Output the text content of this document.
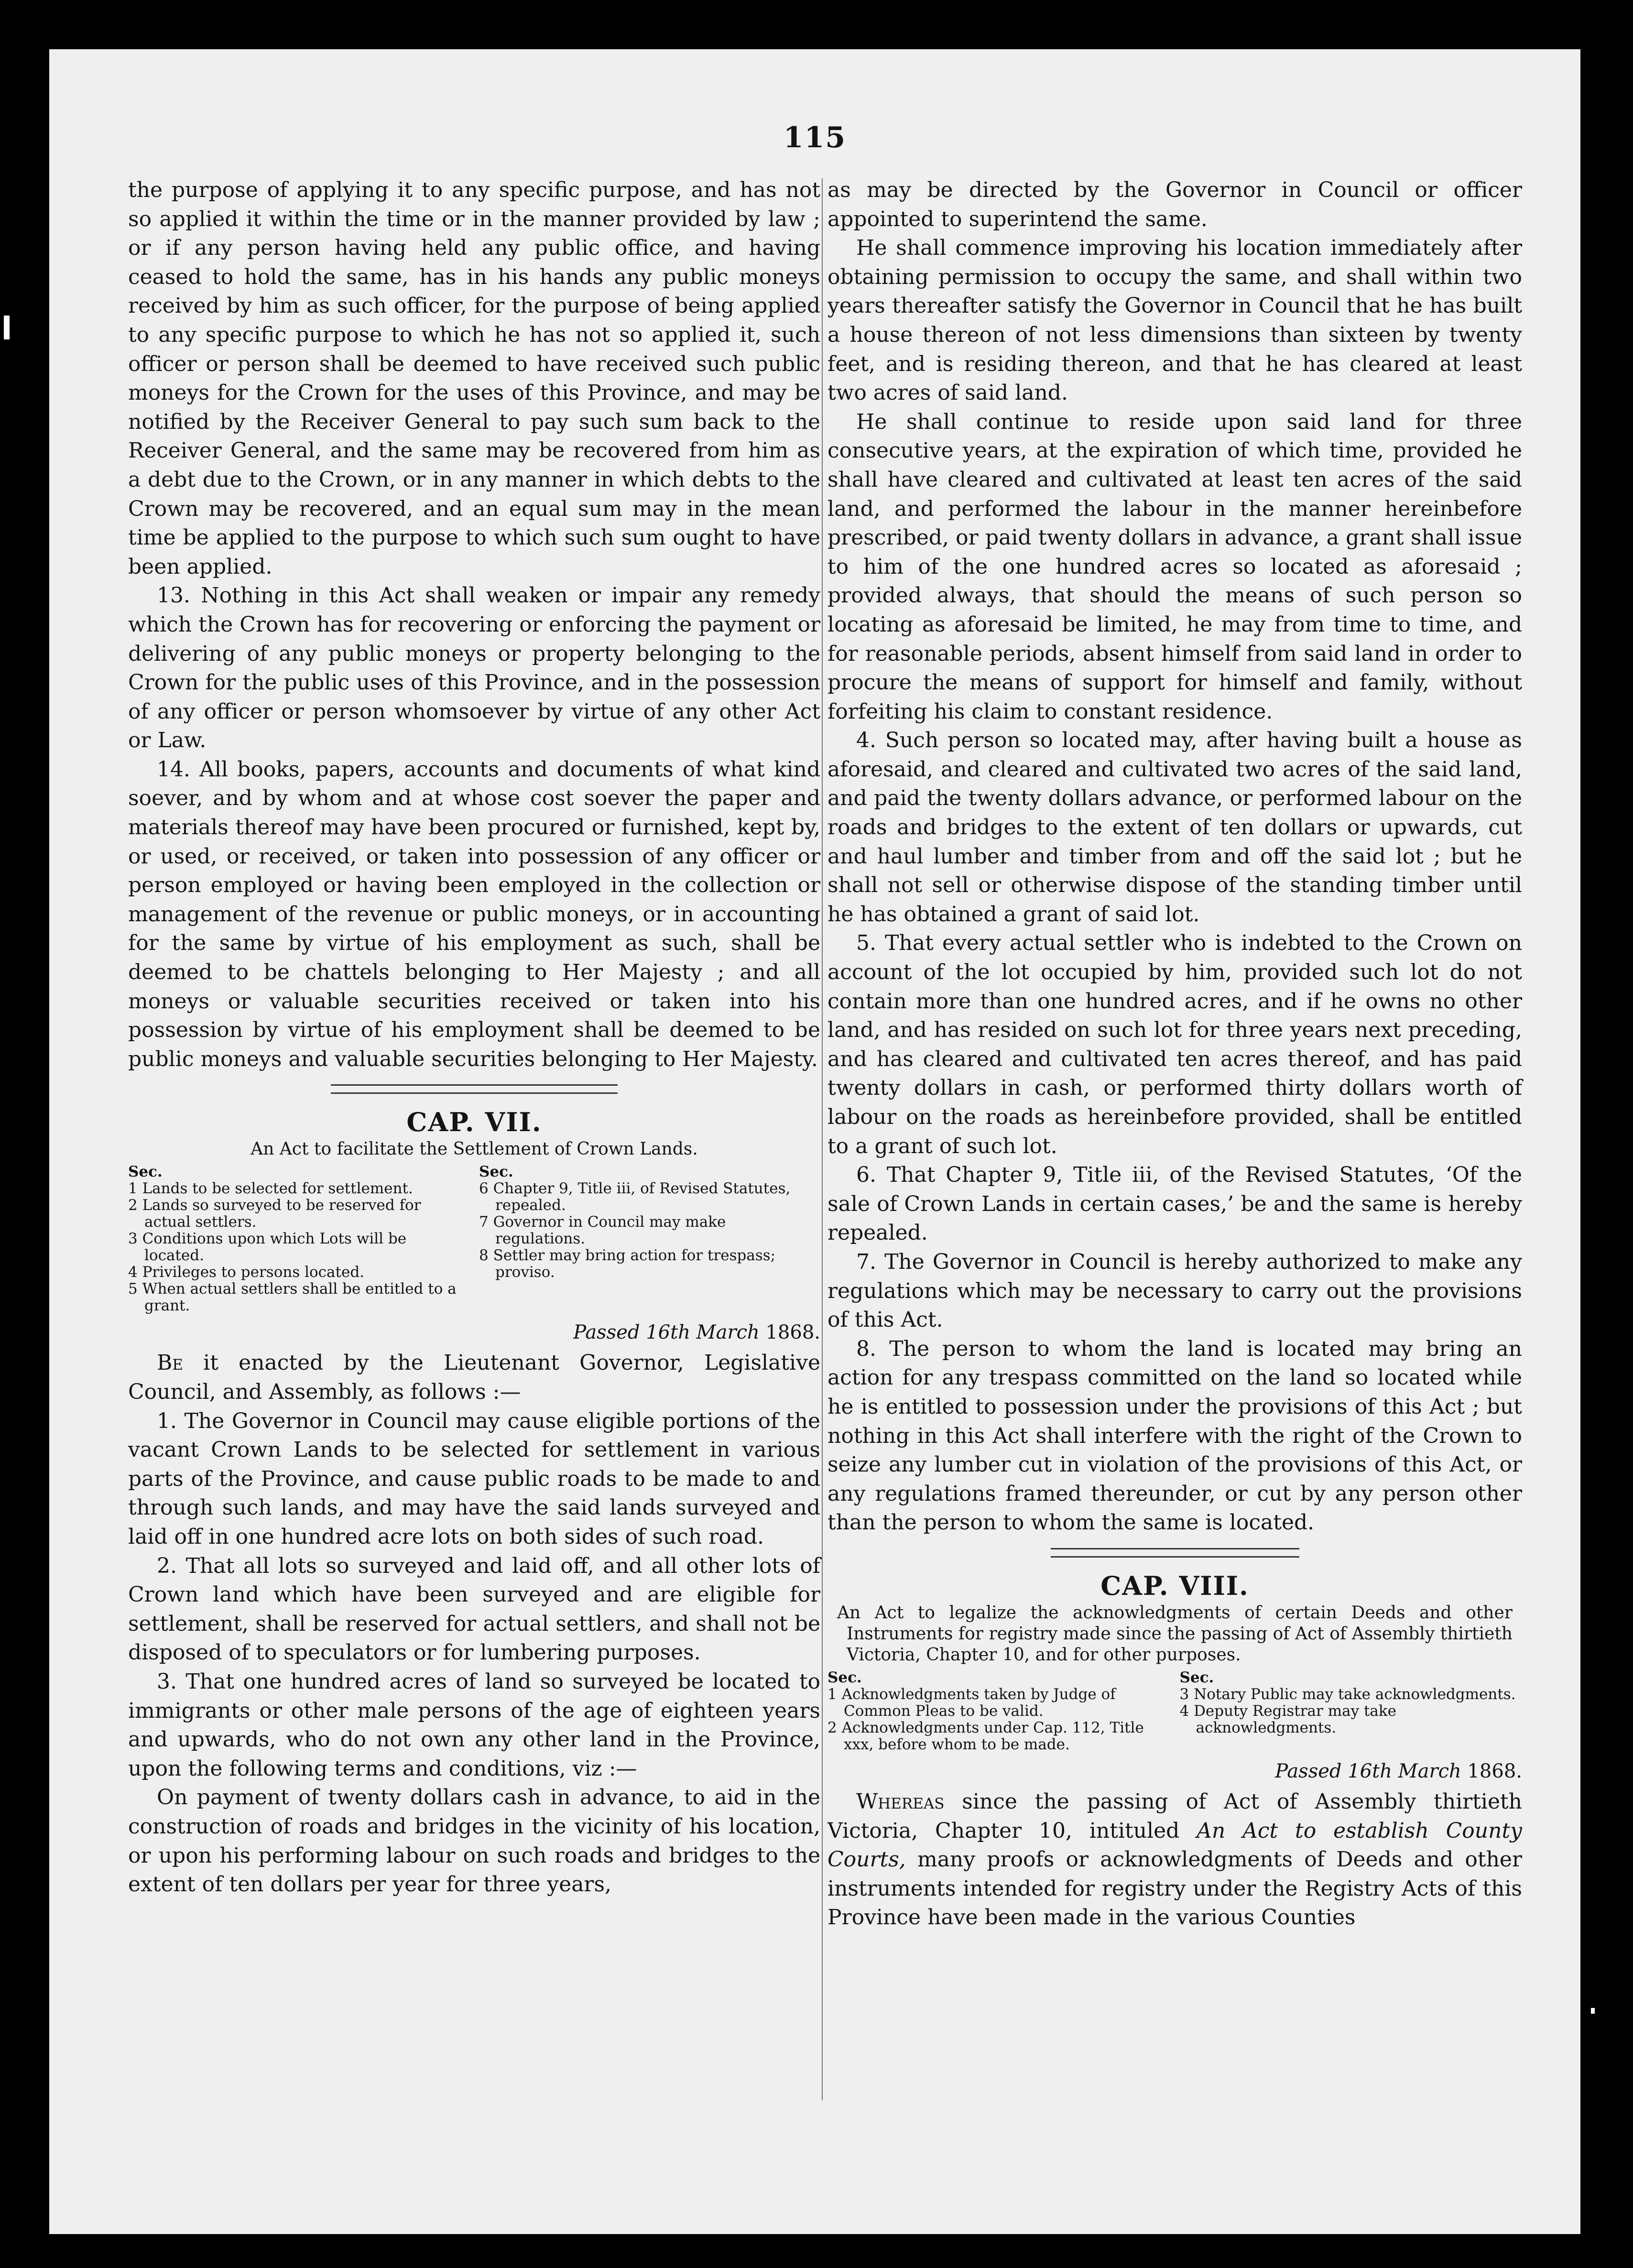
115

the purpose of applying it to any specific purpose, and has not so applied it within the time or in the manner provided by law ; or if any person having held any public office, and having ceased to hold the same, has in his hands any public moneys received by him as such officer, for the purpose of being applied to any specific purpose to which he has not so applied it, such officer or person shall be deemed to have received such public moneys for the Crown for the uses of this Province, and may be notified by the Receiver General to pay such sum back to the Receiver General, and the same may be recovered from him as a debt due to the Crown, or in any manner in which debts to the Crown may be recovered, and an equal sum may in the mean time be applied to the purpose to which such sum ought to have been applied.

13. Nothing in this Act shall weaken or impair any remedy which the Crown has for recovering or enforcing the payment or delivering of any public moneys or property belonging to the Crown for the public uses of this Province, and in the possession of any officer or person whomsoever by virtue of any other Act or Law.

14. All books, papers, accounts and documents of what kind soever, and by whom and at whose cost soever the paper and materials thereof may have been procured or furnished, kept by, or used, or received, or taken into possession of any officer or person employed or having been employed in the collection or management of the revenue or public moneys, or in accounting for the same by virtue of his employment as such, shall be deemed to be chattels belonging to Her Majesty ; and all moneys or valuable securities received or taken into his possession by virtue of his employment shall be deemed to be public moneys and valuable securities belonging to Her Majesty.

CAP. VII.

An Act to facilitate the Settlement of Crown Lands.

Sec.
1 Lands to be selected for settlement.
2 Lands so surveyed to be reserved for actual settlers.
3 Conditions upon which Lots will be located.
4 Privileges to persons located.
5 When actual settlers shall be entitled to a grant.
Sec.
6 Chapter 9, Title iii, of Revised Statutes, repealed.
7 Governor in Council may make regulations.
8 Settler may bring action for trespass; proviso.
Passed 16th March 1868.

Be it enacted by the Lieutenant Governor, Legislative Council, and Assembly, as follows :—

1. The Governor in Council may cause eligible portions of the vacant Crown Lands to be selected for settlement in various parts of the Province, and cause public roads to be made to and through such lands, and may have the said lands surveyed and laid off in one hundred acre lots on both sides of such road.

2. That all lots so surveyed and laid off, and all other lots of Crown land which have been surveyed and are eligible for settlement, shall be reserved for actual settlers, and shall not be disposed of to speculators or for lumbering purposes.

3. That one hundred acres of land so surveyed be located to immigrants or other male persons of the age of eighteen years and upwards, who do not own any other land in the Province, upon the following terms and conditions, viz :—

On payment of twenty dollars cash in advance, to aid in the construction of roads and bridges in the vicinity of his location, or upon his performing labour on such roads and bridges to the extent of ten dollars per year for three years,

as may be directed by the Governor in Council or officer appointed to superintend the same.

He shall commence improving his location immediately after obtaining permission to occupy the same, and shall within two years thereafter satisfy the Governor in Council that he has built a house thereon of not less dimensions than sixteen by twenty feet, and is residing thereon, and that he has cleared at least two acres of said land.

He shall continue to reside upon said land for three consecutive years, at the expiration of which time, provided he shall have cleared and cultivated at least ten acres of the said land, and performed the labour in the manner hereinbefore prescribed, or paid twenty dollars in advance, a grant shall issue to him of the one hundred acres so located as aforesaid ; provided always, that should the means of such person so locating as aforesaid be limited, he may from time to time, and for reasonable periods, absent himself from said land in order to procure the means of support for himself and family, without forfeiting his claim to constant residence.

4. Such person so located may, after having built a house as aforesaid, and cleared and cultivated two acres of the said land, and paid the twenty dollars advance, or performed labour on the roads and bridges to the extent of ten dollars or upwards, cut and haul lumber and timber from and off the said lot ; but he shall not sell or otherwise dispose of the standing timber until he has obtained a grant of said lot.

5. That every actual settler who is indebted to the Crown on account of the lot occupied by him, provided such lot do not contain more than one hundred acres, and if he owns no other land, and has resided on such lot for three years next preceding, and has cleared and cultivated ten acres thereof, and has paid twenty dollars in cash, or performed thirty dollars worth of labour on the roads as hereinbefore provided, shall be entitled to a grant of such lot.

6. That Chapter 9, Title iii, of the Revised Statutes, ‘Of the sale of Crown Lands in certain cases,’ be and the same is hereby repealed.

7. The Governor in Council is hereby authorized to make any regulations which may be necessary to carry out the provisions of this Act.

8. The person to whom the land is located may bring an action for any trespass committed on the land so located while he is entitled to possession under the provisions of this Act ; but nothing in this Act shall interfere with the right of the Crown to seize any lumber cut in violation of the provisions of this Act, or any regulations framed thereunder, or cut by any person other than the person to whom the same is located.

CAP. VIII.

An Act to legalize the acknowledgments of certain Deeds and other Instruments for registry made since the passing of Act of Assembly thirtieth Victoria, Chapter 10, and for other purposes.

Sec.
1 Acknowledgments taken by Judge of Common Pleas to be valid.
2 Acknowledgments under Cap. 112, Title xxx, before whom to be made.
Sec.
3 Notary Public may take acknowledgments.
4 Deputy Registrar may take acknowledgments.
Passed 16th March 1868.

Whereas since the passing of Act of Assembly thirtieth Victoria, Chapter 10, intituled An Act to establish County Courts, many proofs or acknowledgments of Deeds and other instruments intended for registry under the Registry Acts of this Province have been made in the various Counties
